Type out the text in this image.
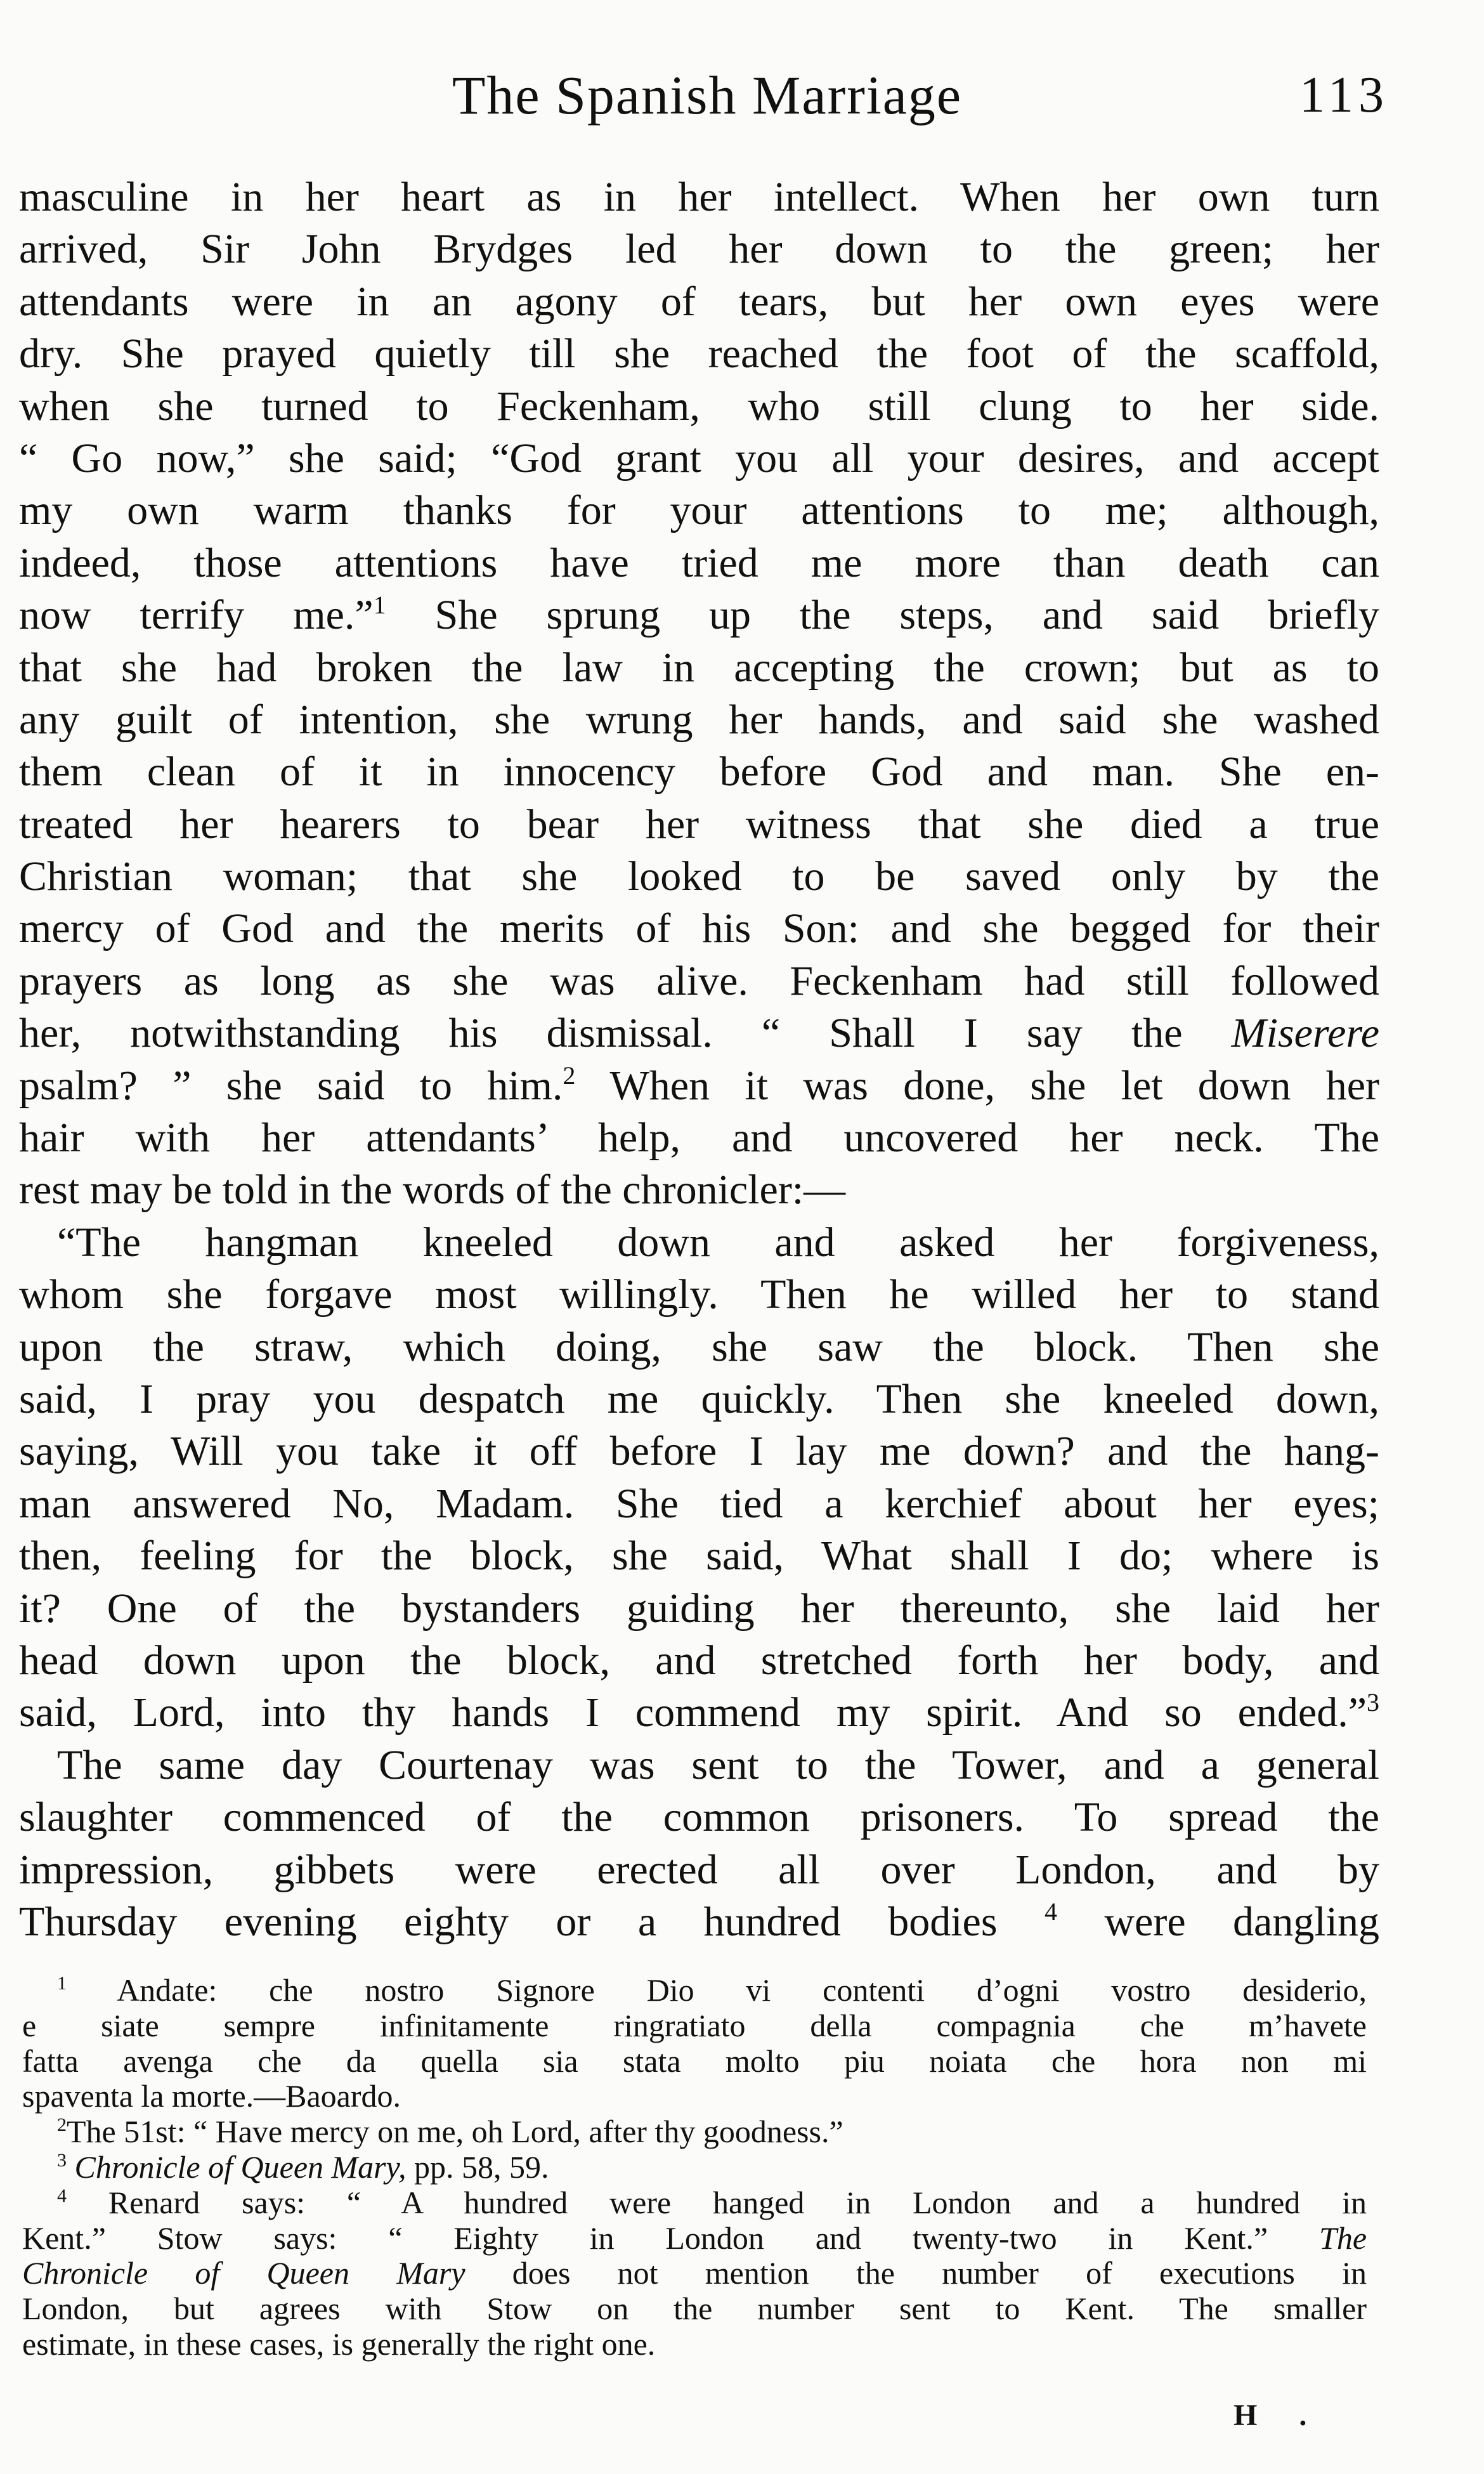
The Spanish Marriage	113
masculine in her heart as in her intellect. When her own turn
arrived, Sir John Brydges led her down to the green; her
attendants were in an agony of tears, but her own eyes were
dry. She prayed quietly till she reached the foot of the scaffold,
when she turned to Feckenham, who still clung to her side.
“ Go now,” she said; “God grant you all your desires, and accept
my own warm thanks for your attentions to me; although,
indeed, those attentions have tried me more than death can
now terrify me.”$^1$ She sprung up the steps, and said briefly
that she had broken the law in accepting the crown; but as to
any guilt of intention, she wrung her hands, and said she washed
them clean of it in innocency before God and man. She en-
treated her hearers to bear her witness that she died a true
Christian woman; that she looked to be saved only by the
mercy of God and the merits of his Son: and she begged for their
prayers as long as she was alive. Feckenham had still followed
her, notwithstanding his dismissal. “ Shall I say the Miserere
psalm? ” she said to him.$^2$ When it was done, she let down her
hair with her attendants’ help, and uncovered her neck. The
rest may be told in the words of the chronicler:—
“The hangman kneeled down and asked her forgiveness,
whom she forgave most willingly. Then he willed her to stand
upon the straw, which doing, she saw the block. Then she
said, I pray you despatch me quickly. Then she kneeled down,
saying, Will you take it off before I lay me down? and the hang-
man answered No, Madam. She tied a kerchief about her eyes;
then, feeling for the block, she said, What shall I do; where is
it? One of the bystanders guiding her thereunto, she laid her
head down upon the block, and stretched forth her body, and
said, Lord, into thy hands I commend my spirit. And so ended.”$^3$
The same day Courtenay was sent to the Tower, and a general
slaughter commenced of the common prisoners. To spread the
impression, gibbets were erected all over London, and by
Thursday evening eighty or a hundred bodies $^4$ were dangling
$^1$ Andate: che nostro Signore Dio vi contenti d’ogni vostro desiderio,
e siate sempre infinitamente ringratiato della compagnia che m’havete
fatta avenga che da quella sia stata molto piu noiata che hora non mi
spaventa la morte.—Baoardo.
$^2$The 51st: “ Have mercy on me, oh Lord, after thy goodness.”
$^3$ Chronicle of Queen Mary, pp. 58, 59.
$^4$ Renard says: “ A hundred were hanged in London and a hundred in
Kent.” Stow says: “ Eighty in London and twenty-two in Kent.” The
Chronicle of Queen Mary does not mention the number of executions in
London, but agrees with Stow on the number sent to Kent. The smaller
estimate, in these cases, is generally the right one.
H .
